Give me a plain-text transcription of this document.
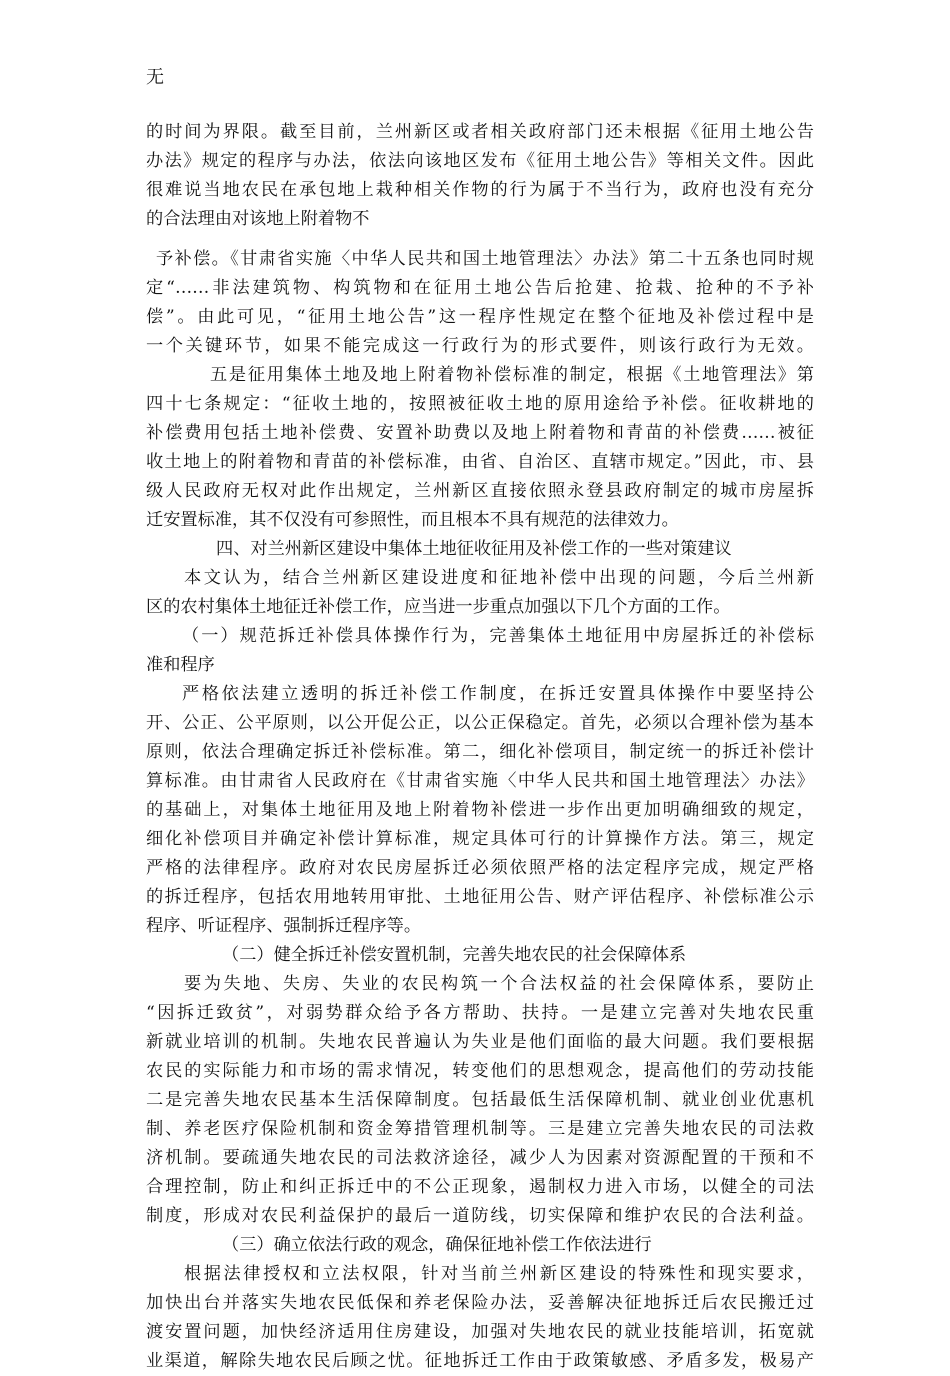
无
的时间为界限。截至目前，兰州新区或者相关政府部门还未根据《征用土地公告
办法》规定的程序与办法，依法向该地区发布《征用土地公告》等相关文件。因此
很难说当地农民在承包地上栽种相关作物的行为属于不当行为，政府也没有充分
的合法理由对该地上附着物不
予补偿。《甘肃省实施〈中华人民共和国土地管理法〉办法》第二十五条也同时规
定“……非法建筑物、构筑物和在征用土地公告后抢建、抢栽、抢种的不予补
偿”。由此可见，“征用土地公告”这一程序性规定在整个征地及补偿过程中是
一个关键环节，如果不能完成这一行政行为的形式要件，则该行政行为无效。
五是征用集体土地及地上附着物补偿标准的制定，根据《土地管理法》第
四十七条规定：“征收土地的，按照被征收土地的原用途给予补偿。征收耕地的
补偿费用包括土地补偿费、安置补助费以及地上附着物和青苗的补偿费……被征
收土地上的附着物和青苗的补偿标准，由省、自治区、直辖市规定。”因此，市、县
级人民政府无权对此作出规定，兰州新区直接依照永登县政府制定的城市房屋拆
迁安置标准，其不仅没有可参照性，而且根本不具有规范的法律效力。
四、对兰州新区建设中集体土地征收征用及补偿工作的一些对策建议
本文认为，结合兰州新区建设进度和征地补偿中出现的问题，今后兰州新
区的农村集体土地征迁补偿工作，应当进一步重点加强以下几个方面的工作。
（一）规范拆迁补偿具体操作行为，完善集体土地征用中房屋拆迁的补偿标
准和程序
严格依法建立透明的拆迁补偿工作制度，在拆迁安置具体操作中要坚持公
开、公正、公平原则，以公开促公正，以公正保稳定。首先，必须以合理补偿为基本
原则，依法合理确定拆迁补偿标准。第二，细化补偿项目，制定统一的拆迁补偿计
算标准。由甘肃省人民政府在《甘肃省实施〈中华人民共和国土地管理法〉办法》
的基础上，对集体土地征用及地上附着物补偿进一步作出更加明确细致的规定，
细化补偿项目并确定补偿计算标准，规定具体可行的计算操作方法。第三，规定
严格的法律程序。政府对农民房屋拆迁必须依照严格的法定程序完成，规定严格
的拆迁程序，包括农用地转用审批、土地征用公告、财产评估程序、补偿标准公示
程序、听证程序、强制拆迁程序等。
（二）健全拆迁补偿安置机制，完善失地农民的社会保障体系
要为失地、失房、失业的农民构筑一个合法权益的社会保障体系，要防止
“因拆迁致贫”，对弱势群众给予各方帮助、扶持。一是建立完善对失地农民重
新就业培训的机制。失地农民普遍认为失业是他们面临的最大问题。我们要根据
农民的实际能力和市场的需求情况，转变他们的思想观念，提高他们的劳动技能
二是完善失地农民基本生活保障制度。包括最低生活保障机制、就业创业优惠机
制、养老医疗保险机制和资金筹措管理机制等。三是建立完善失地农民的司法救
济机制。要疏通失地农民的司法救济途径，减少人为因素对资源配置的干预和不
合理控制，防止和纠正拆迁中的不公正现象，遏制权力进入市场，以健全的司法
制度，形成对农民利益保护的最后一道防线，切实保障和维护农民的合法利益。
（三）确立依法行政的观念，确保征地补偿工作依法进行
根据法律授权和立法权限，针对当前兰州新区建设的特殊性和现实要求，
加快出台并落实失地农民低保和养老保险办法，妥善解决征地拆迁后农民搬迁过
渡安置问题，加快经济适用住房建设，加强对失地农民的就业技能培训，拓宽就
业渠道，解除失地农民后顾之忧。征地拆迁工作由于政策敏感、矛盾多发，极易产
